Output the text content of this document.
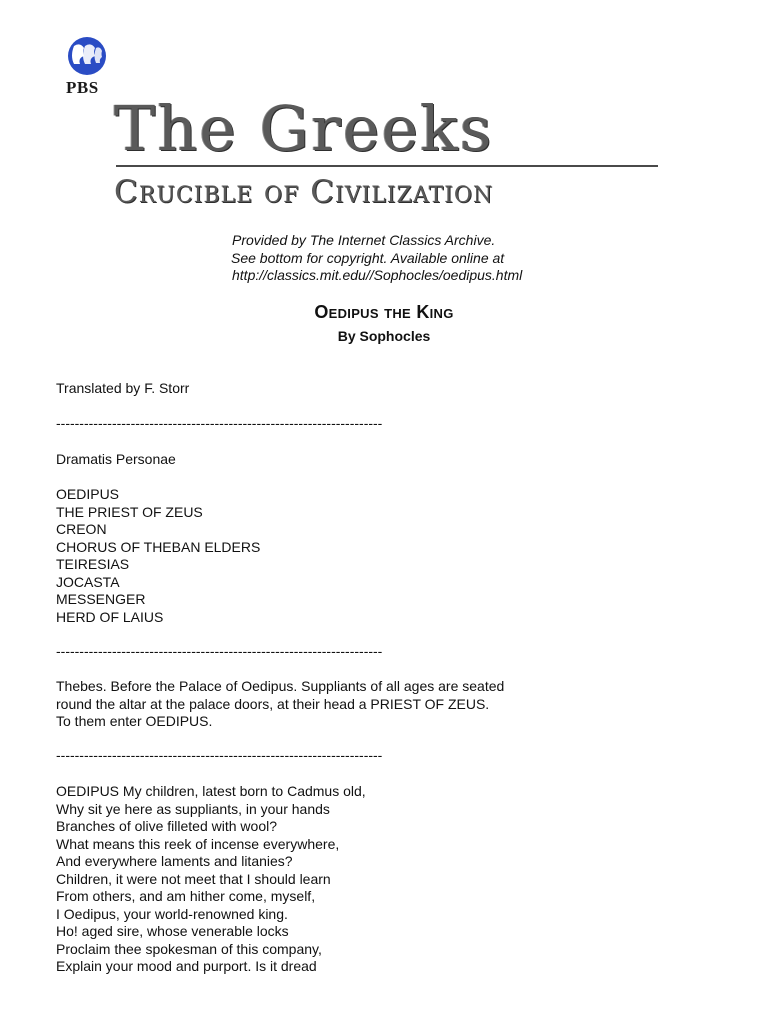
PBS
The Greeks
Crucible of Civilization
Provided by The Internet Classics Archive.
See bottom for copyright. Available online at
http://classics.mit.edu//Sophocles/oedipus.html
Oedipus the King
By Sophocles
Translated by F. Storr
----------------------------------------------------------------------
Dramatis Personae
OEDIPUS
THE PRIEST OF ZEUS
CREON
CHORUS OF THEBAN ELDERS
TEIRESIAS
JOCASTA
MESSENGER
HERD OF LAIUS
----------------------------------------------------------------------
Thebes. Before the Palace of Oedipus. Suppliants of all ages are seated
round the altar at the palace doors, at their head a PRIEST OF ZEUS.
To them enter OEDIPUS.
----------------------------------------------------------------------
OEDIPUS My children, latest born to Cadmus old,
Why sit ye here as suppliants, in your hands
Branches of olive filleted with wool?
What means this reek of incense everywhere,
And everywhere laments and litanies?
Children, it were not meet that I should learn
From others, and am hither come, myself,
I Oedipus, your world-renowned king.
Ho! aged sire, whose venerable locks
Proclaim thee spokesman of this company,
Explain your mood and purport. Is it dread
